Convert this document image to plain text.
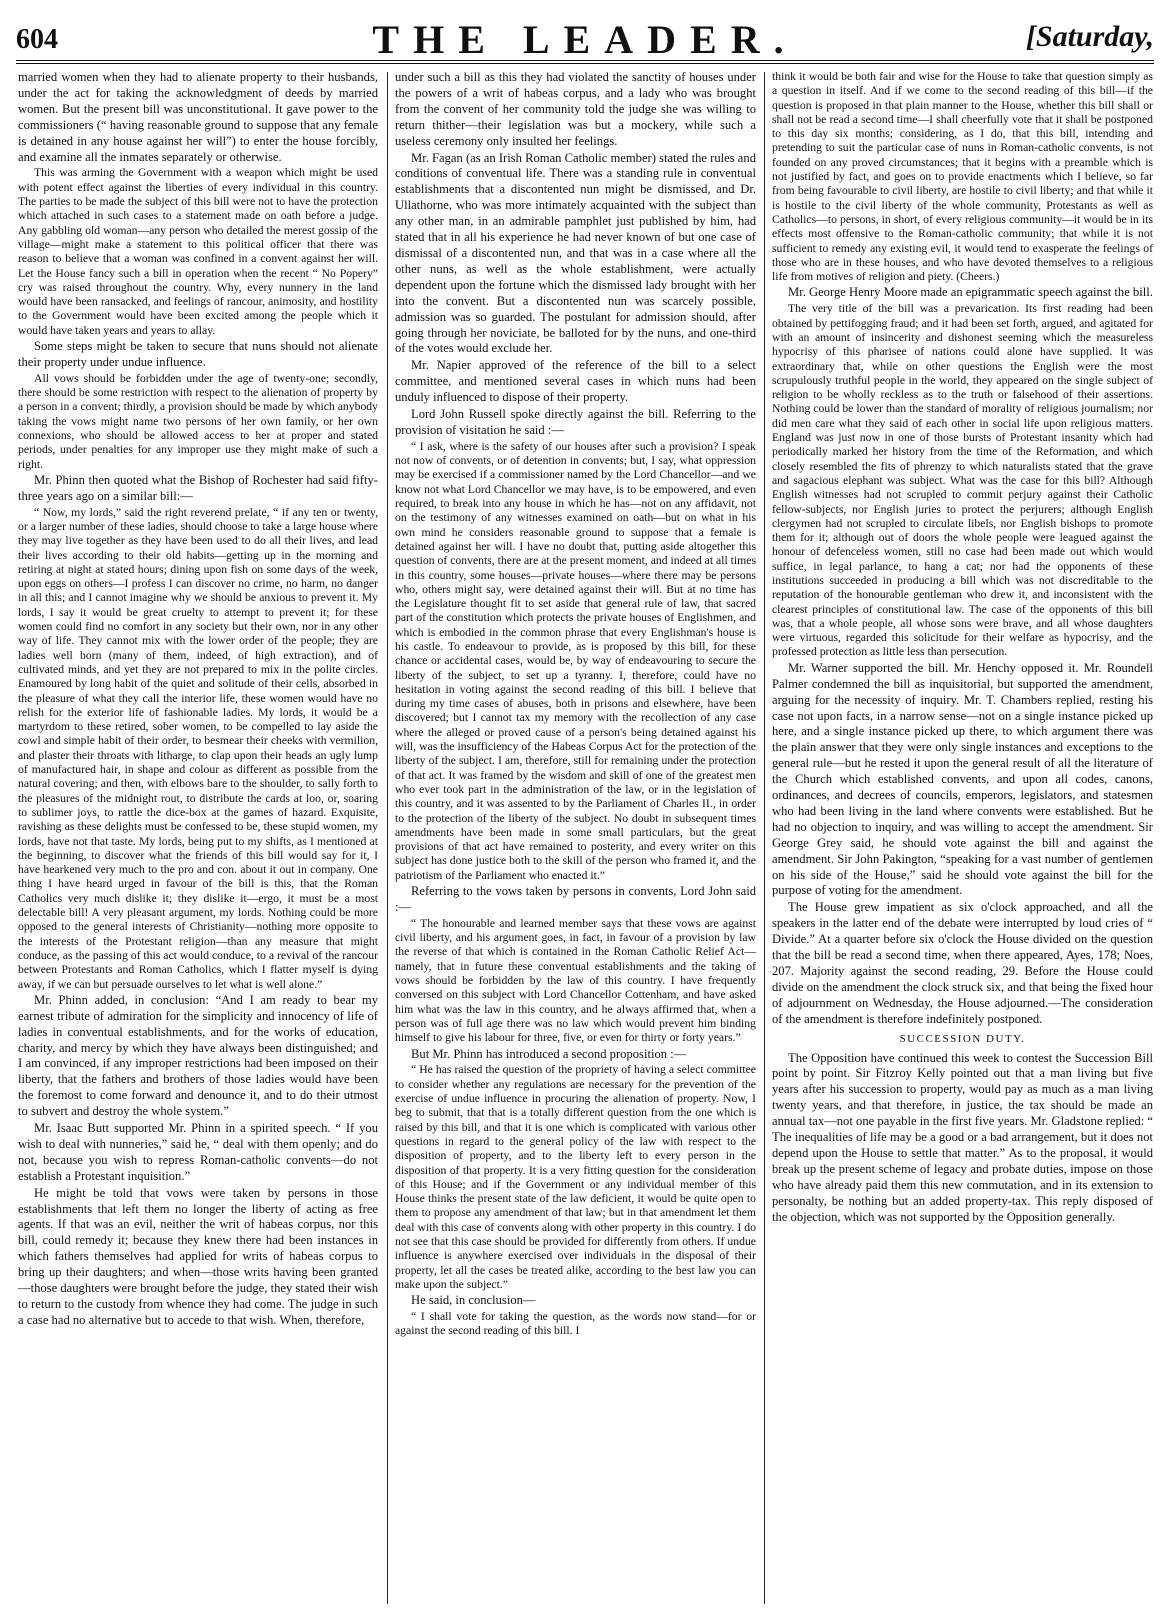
604	THE LEADER.	[Saturday,

married women when they had to alienate property to their husbands, under the act for taking the acknowledgment of deeds by married women. But the present bill was unconstitutional. It gave power to the commissioners (“ having reasonable ground to suppose that any female is detained in any house against her will”) to enter the house forcibly, and examine all the inmates separately or otherwise.

This was arming the Government with a weapon which might be used with potent effect against the liberties of every individual in this country. The parties to be made the subject of this bill were not to have the protection which attached in such cases to a statement made on oath before a judge. Any gabbling old woman—any person who detailed the merest gossip of the village—might make a statement to this political officer that there was reason to believe that a woman was confined in a convent against her will. Let the House fancy such a bill in operation when the recent “ No Popery” cry was raised throughout the country. Why, every nunnery in the land would have been ransacked, and feelings of rancour, animosity, and hostility to the Government would have been excited among the people which it would have taken years and years to allay.

Some steps might be taken to secure that nuns should not alienate their property under undue influence.

All vows should be forbidden under the age of twenty-one; secondly, there should be some restriction with respect to the alienation of property by a person in a convent; thirdly, a provision should be made by which anybody taking the vows might name two persons of her own family, or her own connexions, who should be allowed access to her at proper and stated periods, under penalties for any improper use they might make of such a right.

Mr. Phinn then quoted what the Bishop of Rochester had said fifty-three years ago on a similar bill:—

“ Now, my lords,” said the right reverend prelate, “ if any ten or twenty, or a larger number of these ladies, should choose to take a large house where they may live together as they have been used to do all their lives, and lead their lives according to their old habits—getting up in the morning and retiring at night at stated hours; dining upon fish on some days of the week, upon eggs on others—I profess I can discover no crime, no harm, no danger in all this; and I cannot imagine why we should be anxious to prevent it. My lords, I say it would be great cruelty to attempt to prevent it; for these women could find no comfort in any society but their own, nor in any other way of life. They cannot mix with the lower order of the people; they are ladies well born (many of them, indeed, of high extraction), and of cultivated minds, and yet they are not prepared to mix in the polite circles. Enamoured by long habit of the quiet and solitude of their cells, absorbed in the pleasure of what they call the interior life, these women would have no relish for the exterior life of fashionable ladies. My lords, it would be a martyrdom to these retired, sober women, to be compelled to lay aside the cowl and simple habit of their order, to besmear their cheeks with vermilion, and plaster their throats with litharge, to clap upon their heads an ugly lump of manufactured hair, in shape and colour as different as possible from the natural covering; and then, with elbows bare to the shoulder, to sally forth to the pleasures of the midnight rout, to distribute the cards at loo, or, soaring to sublimer joys, to rattle the dice-box at the games of hazard. Exquisite, ravishing as these delights must be confessed to be, these stupid women, my lords, have not that taste. My lords, being put to my shifts, as I mentioned at the beginning, to discover what the friends of this bill would say for it, I have hearkened very much to the pro and con. about it out in company. One thing I have heard urged in favour of the bill is this, that the Roman Catholics very much dislike it; they dislike it—ergo, it must be a most delectable bill! A very pleasant argument, my lords. Nothing could be more opposed to the general interests of Christianity—nothing more opposite to the interests of the Protestant religion—than any measure that might conduce, as the passing of this act would conduce, to a revival of the rancour between Protestants and Roman Catholics, which I flatter myself is dying away, if we can but persuade ourselves to let what is well alone.”

Mr. Phinn added, in conclusion: “And I am ready to bear my earnest tribute of admiration for the simplicity and innocency of life of ladies in conventual establishments, and for the works of education, charity, and mercy by which they have always been distinguished; and I am convinced, if any improper restrictions had been imposed on their liberty, that the fathers and brothers of those ladies would have been the foremost to come forward and denounce it, and to do their utmost to subvert and destroy the whole system.”

Mr. Isaac Butt supported Mr. Phinn in a spirited speech. “ If you wish to deal with nunneries,” said he, “ deal with them openly; and do not, because you wish to repress Roman-catholic convents—do not establish a Protestant inquisition.”

He might be told that vows were taken by persons in those establishments that left them no longer the liberty of acting as free agents. If that was an evil, neither the writ of habeas corpus, nor this bill, could remedy it; because they knew there had been instances in which fathers themselves had applied for writs of habeas corpus to bring up their daughters; and when—those writs having been granted—those daughters were brought before the judge, they stated their wish to return to the custody from whence they had come. The judge in such a case had no alternative but to accede to that wish. When, therefore,

under such a bill as this they had violated the sanctity of houses under the powers of a writ of habeas corpus, and a lady who was brought from the convent of her community told the judge she was willing to return thither—their legislation was but a mockery, while such a useless ceremony only insulted her feelings.

Mr. Fagan (as an Irish Roman Catholic member) stated the rules and conditions of conventual life. There was a standing rule in conventual establishments that a discontented nun might be dismissed, and Dr. Ullathorne, who was more intimately acquainted with the subject than any other man, in an admirable pamphlet just published by him, had stated that in all his experience he had never known of but one case of dismissal of a discontented nun, and that was in a case where all the other nuns, as well as the whole establishment, were actually dependent upon the fortune which the dismissed lady brought with her into the convent. But a discontented nun was scarcely possible, admission was so guarded. The postulant for admission should, after going through her noviciate, be balloted for by the nuns, and one-third of the votes would exclude her.

Mr. Napier approved of the reference of the bill to a select committee, and mentioned several cases in which nuns had been unduly influenced to dispose of their property.

Lord John Russell spoke directly against the bill. Referring to the provision of visitation he said :—

“ I ask, where is the safety of our houses after such a provision? I speak not now of convents, or of detention in convents; but, I say, what oppression may be exercised if a commissioner named by the Lord Chancellor—and we know not what Lord Chancellor we may have, is to be empowered, and even required, to break into any house in which he has—not on any affidavit, not on the testimony of any witnesses examined on oath—but on what in his own mind he considers reasonable ground to suppose that a female is detained against her will. I have no doubt that, putting aside altogether this question of convents, there are at the present moment, and indeed at all times in this country, some houses—private houses—where there may be persons who, others might say, were detained against their will. But at no time has the Legislature thought fit to set aside that general rule of law, that sacred part of the constitution which protects the private houses of Englishmen, and which is embodied in the common phrase that every Englishman's house is his castle. To endeavour to provide, as is proposed by this bill, for these chance or accidental cases, would be, by way of endeavouring to secure the liberty of the subject, to set up a tyranny. I, therefore, could have no hesitation in voting against the second reading of this bill. I believe that during my time cases of abuses, both in prisons and elsewhere, have been discovered; but I cannot tax my memory with the recollection of any case where the alleged or proved cause of a person's being detained against his will, was the insufficiency of the Habeas Corpus Act for the protection of the liberty of the subject. I am, therefore, still for remaining under the protection of that act. It was framed by the wisdom and skill of one of the greatest men who ever took part in the administration of the law, or in the legislation of this country, and it was assented to by the Parliament of Charles II., in order to the protection of the liberty of the subject. No doubt in subsequent times amendments have been made in some small particulars, but the great provisions of that act have remained to posterity, and every writer on this subject has done justice both to the skill of the person who framed it, and the patriotism of the Parliament who enacted it.”

Referring to the vows taken by persons in convents, Lord John said :—

“ The honourable and learned member says that these vows are against civil liberty, and his argument goes, in fact, in favour of a provision by law the reverse of that which is contained in the Roman Catholic Relief Act—namely, that in future these conventual establishments and the taking of vows should be forbidden by the law of this country. I have frequently conversed on this subject with Lord Chancellor Cottenham, and have asked him what was the law in this country, and he always affirmed that, when a person was of full age there was no law which would prevent him binding himself to give his labour for three, five, or even for thirty or forty years.”

But Mr. Phinn has introduced a second proposition :—

“ He has raised the question of the propriety of having a select committee to consider whether any regulations are necessary for the prevention of the exercise of undue influence in procuring the alienation of property. Now, I beg to submit, that that is a totally different question from the one which is raised by this bill, and that it is one which is complicated with various other questions in regard to the general policy of the law with respect to the disposition of property, and to the liberty left to every person in the disposition of that property. It is a very fitting question for the consideration of this House; and if the Government or any individual member of this House thinks the present state of the law deficient, it would be quite open to them to propose any amendment of that law; but in that amendment let them deal with this case of convents along with other property in this country. I do not see that this case should be provided for differently from others. If undue influence is anywhere exercised over individuals in the disposal of their property, let all the cases be treated alike, according to the best law you can make upon the subject.”

He said, in conclusion—

“ I shall vote for taking the question, as the words now stand—for or against the second reading of this bill. I

think it would be both fair and wise for the House to take that question simply as a question in itself. And if we come to the second reading of this bill—if the question is proposed in that plain manner to the House, whether this bill shall or shall not be read a second time—I shall cheerfully vote that it shall be postponed to this day six months; considering, as I do, that this bill, intending and pretending to suit the particular case of nuns in Roman-catholic convents, is not founded on any proved circumstances; that it begins with a preamble which is not justified by fact, and goes on to provide enactments which I believe, so far from being favourable to civil liberty, are hostile to civil liberty; and that while it is hostile to the civil liberty of the whole community, Protestants as well as Catholics—to persons, in short, of every religious community—it would be in its effects most offensive to the Roman-catholic community; that while it is not sufficient to remedy any existing evil, it would tend to exasperate the feelings of those who are in these houses, and who have devoted themselves to a religious life from motives of religion and piety. (Cheers.)

Mr. George Henry Moore made an epigrammatic speech against the bill.

The very title of the bill was a prevarication. Its first reading had been obtained by pettifogging fraud; and it had been set forth, argued, and agitated for with an amount of insincerity and dishonest seeming which the measureless hypocrisy of this pharisee of nations could alone have supplied. It was extraordinary that, while on other questions the English were the most scrupulously truthful people in the world, they appeared on the single subject of religion to be wholly reckless as to the truth or falsehood of their assertions. Nothing could be lower than the standard of morality of religious journalism; nor did men care what they said of each other in social life upon religious matters. England was just now in one of those bursts of Protestant insanity which had periodically marked her history from the time of the Reformation, and which closely resembled the fits of phrenzy to which naturalists stated that the grave and sagacious elephant was subject. What was the case for this bill? Although English witnesses had not scrupled to commit perjury against their Catholic fellow-subjects, nor English juries to protect the perjurers; although English clergymen had not scrupled to circulate libels, nor English bishops to promote them for it; although out of doors the whole people were leagued against the honour of defenceless women, still no case had been made out which would suffice, in legal parlance, to hang a cat; nor had the opponents of these institutions succeeded in producing a bill which was not discreditable to the reputation of the honourable gentleman who drew it, and inconsistent with the clearest principles of constitutional law. The case of the opponents of this bill was, that a whole people, all whose sons were brave, and all whose daughters were virtuous, regarded this solicitude for their welfare as hypocrisy, and the professed protection as little less than persecution.

Mr. Warner supported the bill. Mr. Henchy opposed it. Mr. Roundell Palmer condemned the bill as inquisitorial, but supported the amendment, arguing for the necessity of inquiry. Mr. T. Chambers replied, resting his case not upon facts, in a narrow sense—not on a single instance picked up here, and a single instance picked up there, to which argument there was the plain answer that they were only single instances and exceptions to the general rule—but he rested it upon the general result of all the literature of the Church which established convents, and upon all codes, canons, ordinances, and decrees of councils, emperors, legislators, and statesmen who had been living in the land where convents were established. But he had no objection to inquiry, and was willing to accept the amendment. Sir George Grey said, he should vote against the bill and against the amendment. Sir John Pakington, “speaking for a vast number of gentlemen on his side of the House,” said he should vote against the bill for the purpose of voting for the amendment.

The House grew impatient as six o'clock approached, and all the speakers in the latter end of the debate were interrupted by loud cries of “ Divide.” At a quarter before six o'clock the House divided on the question that the bill be read a second time, when there appeared, Ayes, 178; Noes, 207. Majority against the second reading, 29. Before the House could divide on the amendment the clock struck six, and that being the fixed hour of adjournment on Wednesday, the House adjourned.—The consideration of the amendment is therefore indefinitely postponed.

SUCCESSION DUTY.

The Opposition have continued this week to contest the Succession Bill point by point. Sir Fitzroy Kelly pointed out that a man living but five years after his succession to property, would pay as much as a man living twenty years, and that therefore, in justice, the tax should be made an annual tax—not one payable in the first five years. Mr. Gladstone replied: “ The inequalities of life may be a good or a bad arrangement, but it does not depend upon the House to settle that matter.” As to the proposal, it would break up the present scheme of legacy and probate duties, impose on those who have already paid them this new commutation, and in its extension to personalty, be nothing but an added property-tax. This reply disposed of the objection, which was not supported by the Opposition generally.
